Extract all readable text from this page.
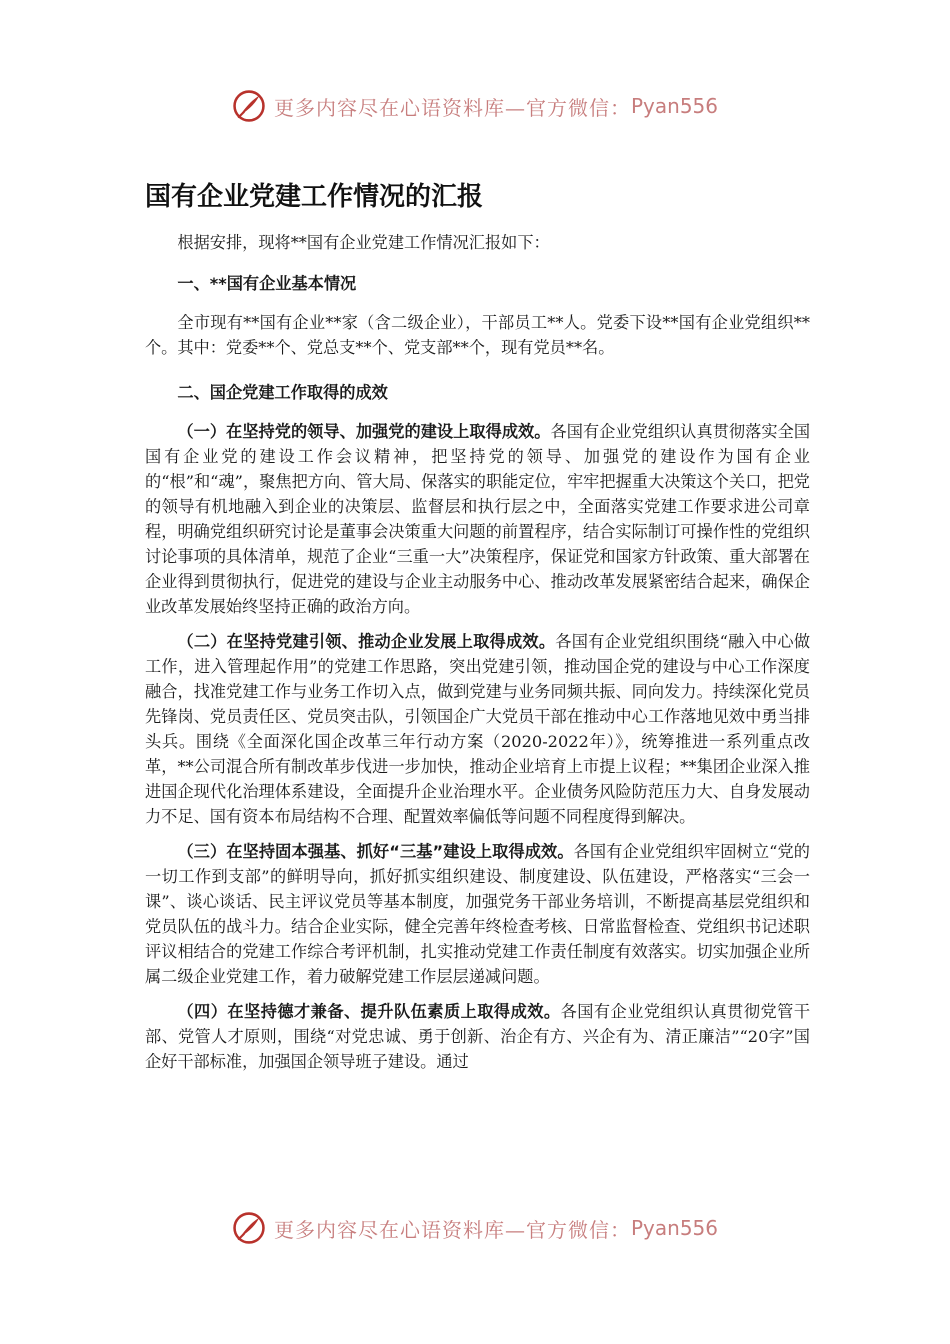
更多内容尽在心语资料库—官方微信： Pyan556
国有企业党建工作情况的汇报

根据安排，现将**国有企业党建工作情况汇报如下：

一、**国有企业基本情况

全市现有**国有企业**家（含二级企业），干部员工**人。党委下设**国有企业党组织**个。其中：党委**个、党总支**个、党支部**个，现有党员**名。

二、国企党建工作取得的成效

（一）在坚持党的领导、加强党的建设上取得成效。各国有企业党组织认真贯彻落实全国国有企业党的建设工作会议精神，把坚持党的领导、加强党的建设作为国有企业的“根”和“魂”，聚焦把方向、管大局、保落实的职能定位，牢牢把握重大决策这个关口，把党的领导有机地融入到企业的决策层、监督层和执行层之中，全面落实党建工作要求进公司章程，明确党组织研究讨论是董事会决策重大问题的前置程序，结合实际制订可操作性的党组织讨论事项的具体清单，规范了企业“三重一大”决策程序，保证党和国家方针政策、重大部署在企业得到贯彻执行，促进党的建设与企业主动服务中心、推动改革发展紧密结合起来，确保企业改革发展始终坚持正确的政治方向。

（二）在坚持党建引领、推动企业发展上取得成效。各国有企业党组织围绕“融入中心做工作，进入管理起作用”的党建工作思路，突出党建引领，推动国企党的建设与中心工作深度融合，找准党建工作与业务工作切入点，做到党建与业务同频共振、同向发力。持续深化党员先锋岗、党员责任区、党员突击队，引领国企广大党员干部在推动中心工作落地见效中勇当排头兵。围绕《全面深化国企改革三年行动方案（2020-2022年）》，统筹推进一系列重点改革，**公司混合所有制改革步伐进一步加快，推动企业培育上市提上议程；**集团企业深入推进国企现代化治理体系建设，全面提升企业治理水平。企业债务风险防范压力大、自身发展动力不足、国有资本布局结构不合理、配置效率偏低等问题不同程度得到解决。

（三）在坚持固本强基、抓好“三基”建设上取得成效。各国有企业党组织牢固树立“党的一切工作到支部”的鲜明导向，抓好抓实组织建设、制度建设、队伍建设，严格落实“三会一课”、谈心谈话、民主评议党员等基本制度，加强党务干部业务培训，不断提高基层党组织和党员队伍的战斗力。结合企业实际，健全完善年终检查考核、日常监督检查、党组织书记述职评议相结合的党建工作综合考评机制，扎实推动党建工作责任制度有效落实。切实加强企业所属二级企业党建工作，着力破解党建工作层层递减问题。

（四）在坚持德才兼备、提升队伍素质上取得成效。各国有企业党组织认真贯彻党管干部、党管人才原则，围绕“对党忠诚、勇于创新、治企有方、兴企有为、清正廉洁”“20字”国企好干部标准，加强国企领导班子建设。通过

更多内容尽在心语资料库—官方微信： Pyan556
